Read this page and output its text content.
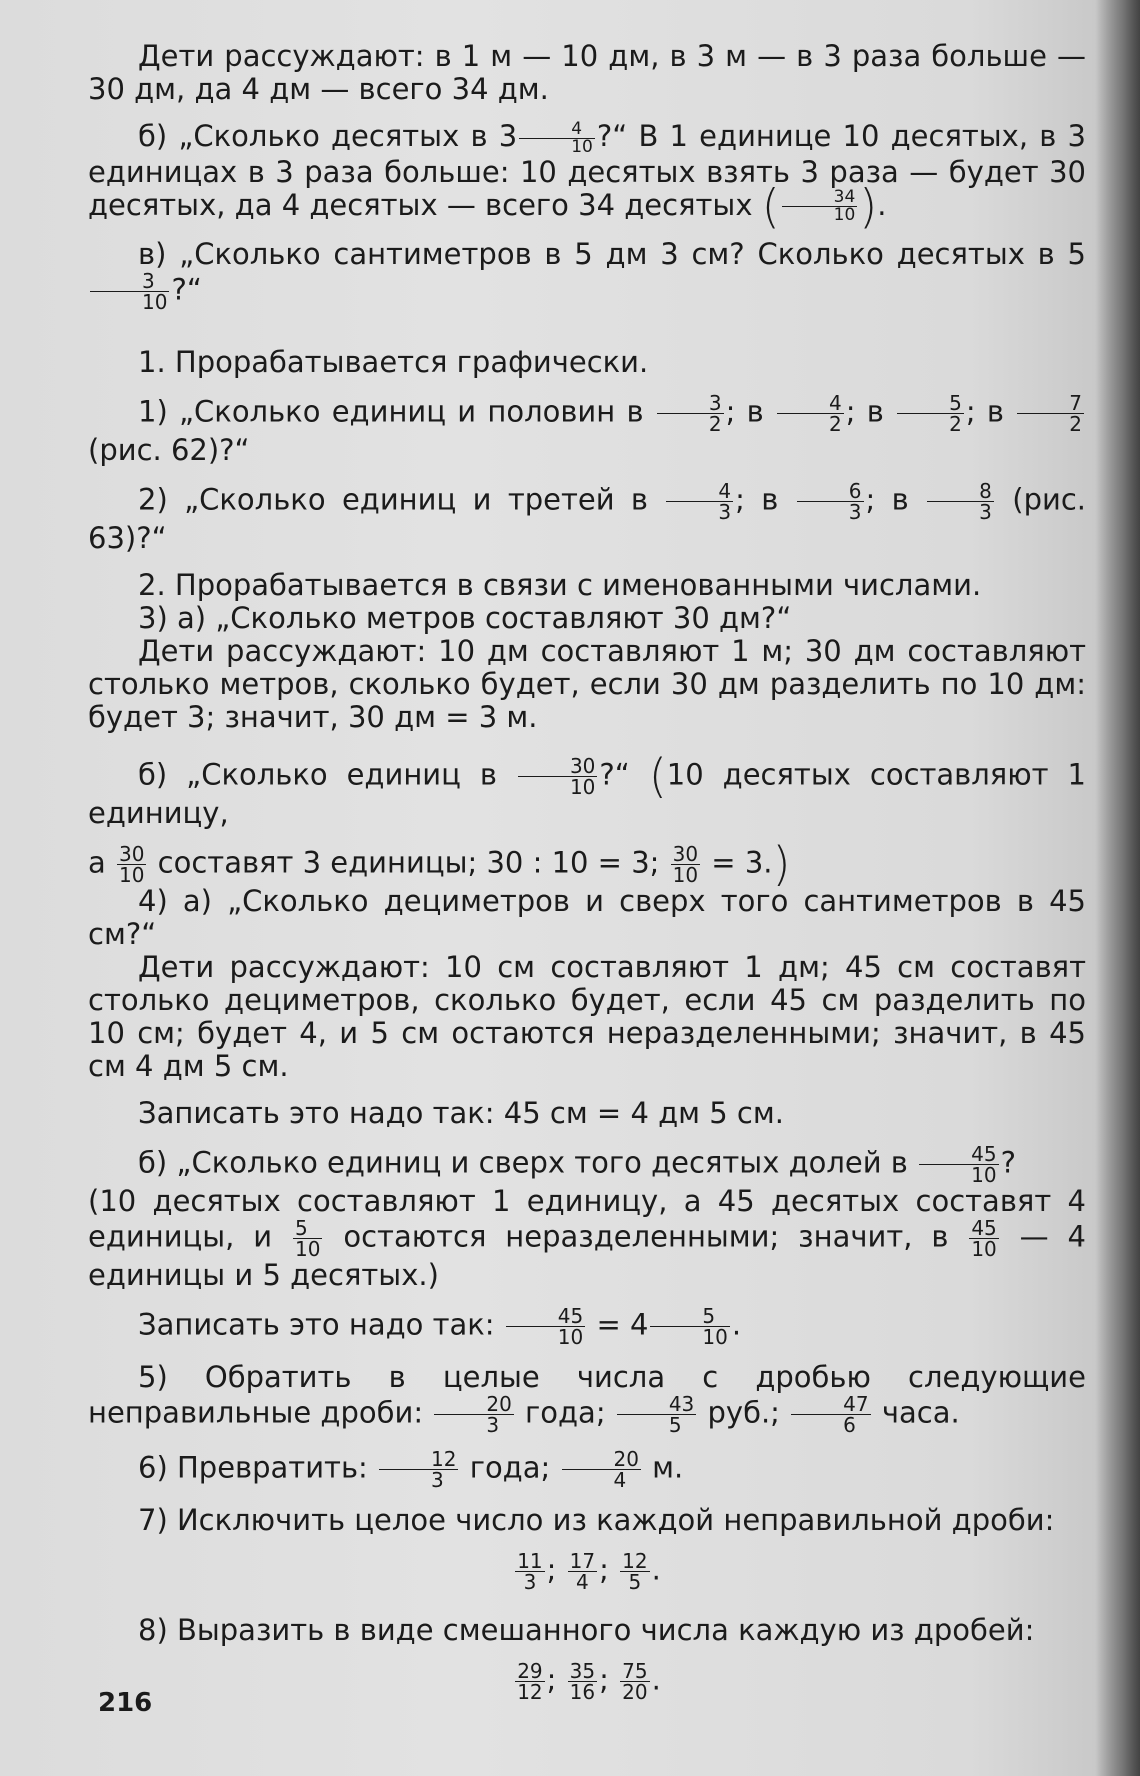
Дети рассуждают: в 1 м — 10 дм, в 3 м — в 3 раза больше — 30 дм, да 4 дм — всего 34 дм.

б) „Сколько десятых в $3 \frac{4}{10}$ ?“ В 1 единице 10 десятых, в 3 единицах в 3 раза больше: 10 десятых взять 3 раза — будет 30 десятых, да 4 десятых — всего 34 десятых ( $\frac{34}{10}$ ).

в) „Сколько сантиметров в 5 дм 3 см? Сколько десятых в 5
$\frac{3}{10}$ ?“

1. Прорабатывается графически.

1) „Сколько единиц и половин в $\frac{3}{2}$ ; в $\frac{4}{2}$ ; в $\frac{5}{2}$ ; в $\frac{7}{2}$
(рис. 62)?“

2) „Сколько единиц и третей в $\frac{4}{3}$ ; в $\frac{6}{3}$ ; в $\frac{8}{3} (рис$. 63)?“

2. Прорабатывается в связи с именованными числами.

3) а) „Сколько метров составляют 30 дм?“

Дети рассуждают: 10 дм составляют 1 м; 30 дм составляют столько метров, сколько будет, если 30 дм разделить по 10 дм: будет 3; значит, 30 дм = 3 м.

б) „Сколько единиц в $\frac{30}{10}$ ?“ (10 десятых составляют 1 единицу,

а $\frac{30}{10}$ составят 3 единицы; 30 : 10 = 3; $\frac{30}{10} = 3$.)

4) а) „Сколько дециметров и сверх того сантиметров в 45 см?“

Дети рассуждают: 10 см составляют 1 дм; 45 см составят столько дециметров, сколько будет, если 45 см разделить по 10 см; будет 4, и 5 см остаются неразделенными; значит, в 45 см 4 дм 5 см.

Записать это надо так: 45 см = 4 дм 5 см.

б) „Сколько единиц и сверх того десятых долей в $\frac{45}{10}$ ?

(10 десятых составляют 1 единицу, а 45 десятых составят 4 единицы, и $\frac{5}{10}$ остаются неразделенными; значит, в $\frac{45}{10}$ — 4 единицы и 5 десятых.)

Записать это надо так: $\frac{45}{10} = 4 \frac{5}{10}$ .

5) Обратить в целые числа с дробью следующие неправильные дроби: $\frac{20}{3}$ года; $\frac{43}{5}$ руб.; $\frac{47}{6}$ часа.

6) Превратить: $\frac{12}{3}$ года; $\frac{20}{4} м$.

7) Исключить целое число из каждой неправильной дроби:

$\frac{11}{3}$ ; $\frac{17}{4}$ ; $\frac{12}{5}$ .

8) Выразить в виде смешанного числа каждую из дробей:

$\frac{29}{12}$ ; $\frac{35}{16}$ ; $\frac{75}{20}$ .

216
